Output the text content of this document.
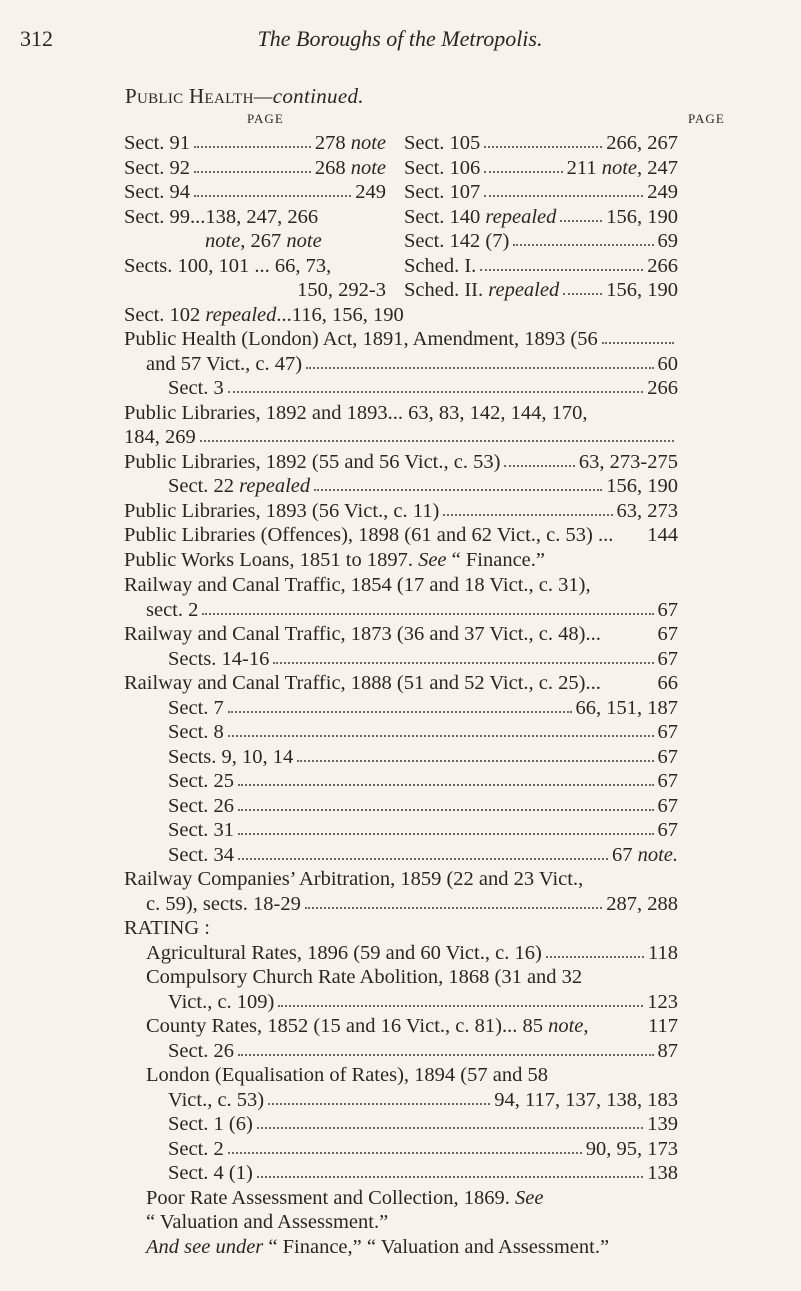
312	The Boroughs of the Metropolis.
Public Health—continued.
PAGE	PAGE
Sect. 91	278 note
Sect. 92	268 note
Sect. 94	249
Sect. 99...138, 247, 266
note, 267 note
Sects. 100, 101 ... 66, 73,
150, 292-3
Sect. 105	266, 267
Sect. 106	211 note, 247
Sect. 107	249
Sect. 140 repealed 156, 190
Sect. 142 (7)	69
Sched. I.	266
Sched. II. repealed 156, 190
Sect. 102 repealed...116, 156, 190
Public Health (London) Act, 1891, Amendment, 1893 (56
and 57 Vict., c. 47)	60
Sect. 3	266
Public Libraries, 1892 and 1893... 63, 83, 142, 144, 170,
184, 269
Public Libraries, 1892 (55 and 56 Vict., c. 53)	63, 273-275
Sect. 22 repealed	156, 190
Public Libraries, 1893 (56 Vict., c. 11)	63, 273
Public Libraries (Offences), 1898 (61 and 62 Vict., c. 53) ... 144
Public Works Loans, 1851 to 1897. See “ Finance.”
Railway and Canal Traffic, 1854 (17 and 18 Vict., c. 31),
sect. 2	67
Railway and Canal Traffic, 1873 (36 and 37 Vict., c. 48)...	67
Sects. 14-16	67
Railway and Canal Traffic, 1888 (51 and 52 Vict., c. 25)...	66
Sect. 7	66, 151, 187
Sect. 8	67
Sects. 9, 10, 14	67
Sect. 25	67
Sect. 26	67
Sect. 31	67
Sect. 34	67 note.
Railway Companies’ Arbitration, 1859 (22 and 23 Vict.,
c. 59), sects. 18-29	287, 288
RATING :
Agricultural Rates, 1896 (59 and 60 Vict., c. 16)	118
Compulsory Church Rate Abolition, 1868 (31 and 32
Vict., c. 109)	123
County Rates, 1852 (15 and 16 Vict., c. 81)... 85 note,	117
Sect. 26	87
London (Equalisation of Rates), 1894 (57 and 58
Vict., c. 53)	94, 117, 137, 138, 183
Sect. 1 (6)	139
Sect. 2	90, 95, 173
Sect. 4 (1)	138
Poor Rate Assessment and Collection, 1869. See
“ Valuation and Assessment.”
And see under “ Finance,” “ Valuation and Assessment.”
